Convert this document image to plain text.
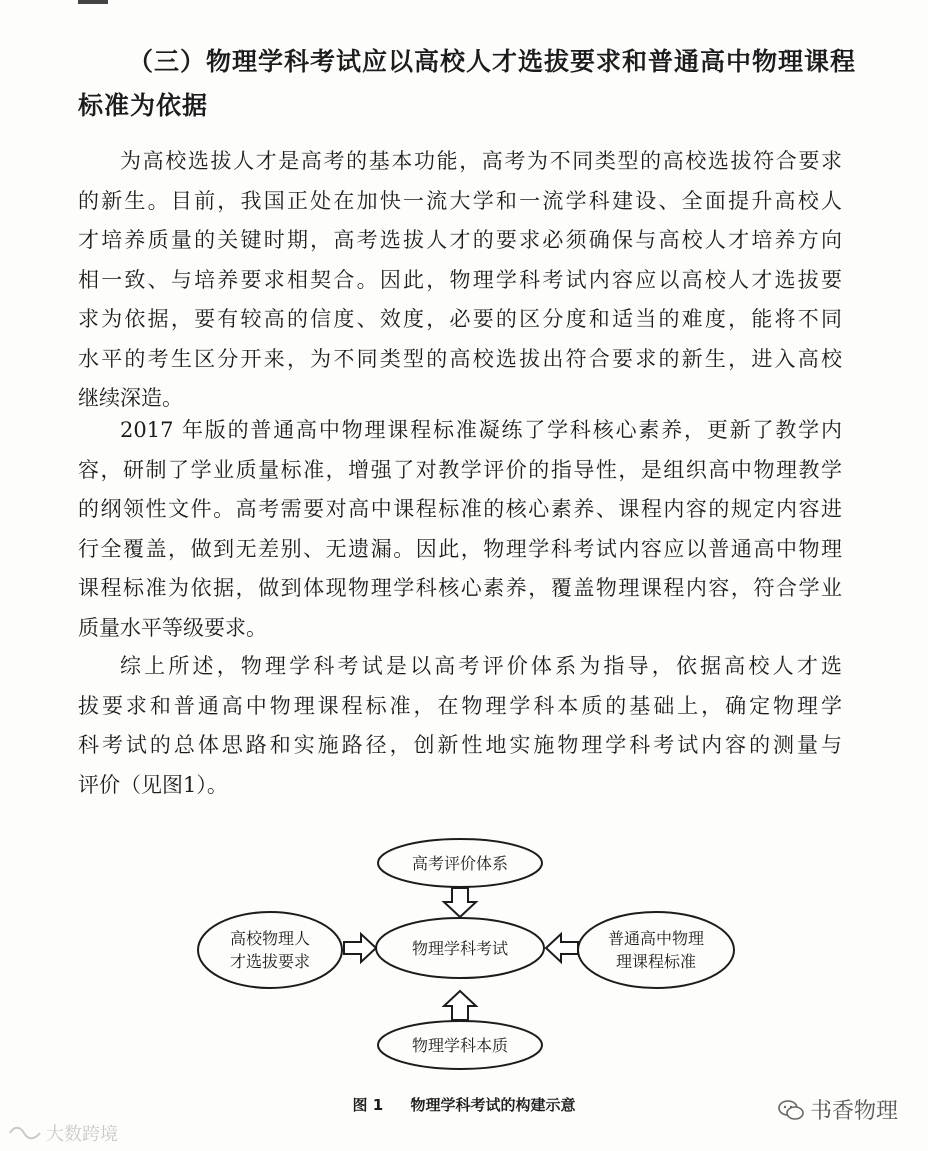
（三）物理学科考试应以高校人才选拔要求和普通高中物理课程
标准为依据

为高校选拔人才是高考的基本功能，高考为不同类型的高校选拔符合要求
的新生。目前，我国正处在加快一流大学和一流学科建设、全面提升高校人
才培养质量的关键时期，高考选拔人才的要求必须确保与高校人才培养方向
相一致、与培养要求相契合。因此，物理学科考试内容应以高校人才选拔要
求为依据，要有较高的信度、效度，必要的区分度和适当的难度，能将不同
水平的考生区分开来，为不同类型的高校选拔出符合要求的新生，进入高校
继续深造。

2017 年版的普通高中物理课程标准凝练了学科核心素养，更新了教学内
容，研制了学业质量标准，增强了对教学评价的指导性，是组织高中物理教学
的纲领性文件。高考需要对高中课程标准的核心素养、课程内容的规定内容进
行全覆盖，做到无差别、无遗漏。因此，物理学科考试内容应以普通高中物理
课程标准为依据，做到体现物理学科核心素养，覆盖物理课程内容，符合学业
质量水平等级要求。

综上所述，物理学科考试是以高考评价体系为指导，依据高校人才选
拔要求和普通高中物理课程标准，在物理学科本质的基础上，确定物理学
科考试的总体思路和实施路径，创新性地实施物理学科考试内容的测量与
评价（见图1）。

高考评价体系
物理学科考试
物理学科本质
高校物理人
才选拔要求
普通高中物理
理课程标准
图 1 物理学科考试的构建示意	书香物理
大数跨境
